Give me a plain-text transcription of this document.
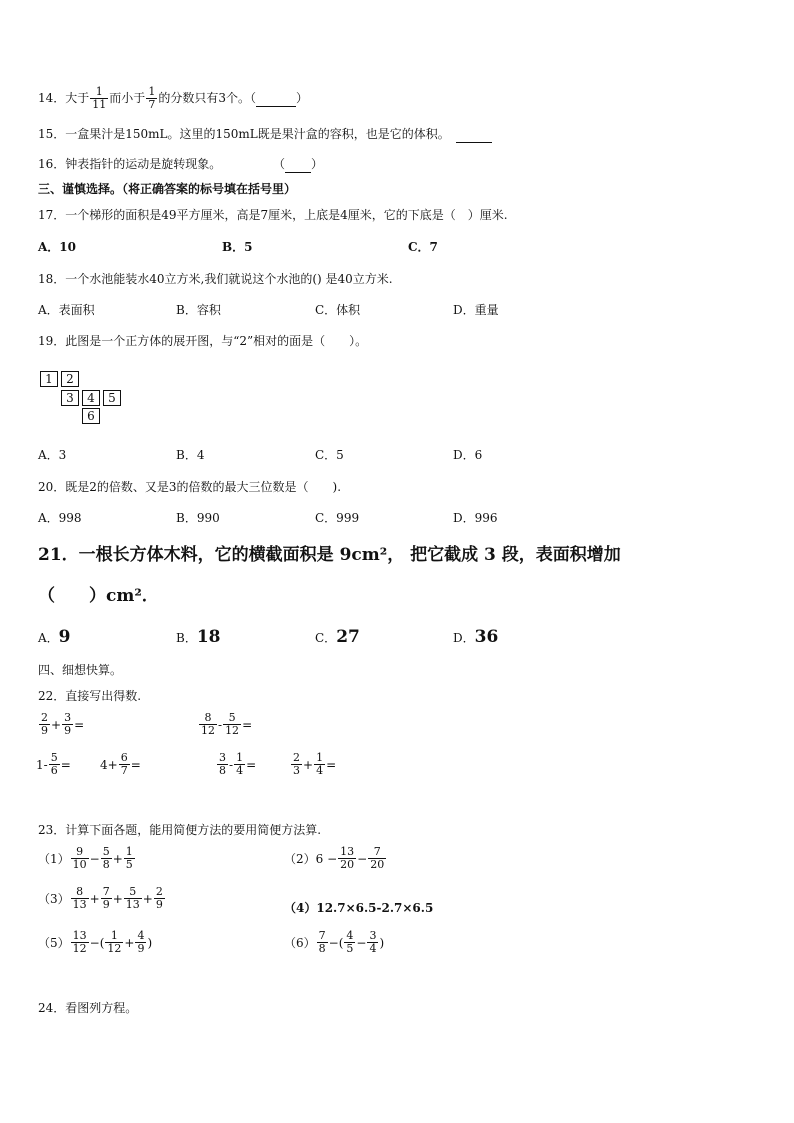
14．大于 $\frac{1}{11}$ 而小于 $\frac{1}{7}$ 的分数只有3个。（	）
15．一盒果汁是150mL。这里的150mL既是果汁盒的容积，也是它的体积。
16．钟表指针的运动是旋转现象。	（ ）
三、谨慎选择。（将正确答案的标号填在括号里）
17．一个梯形的面积是49平方厘米，高是7厘米，上底是4厘米，它的下底是（　）厘米.
A．10	B．5	C．7
18．一个水池能装水40立方米,我们就说这个水池的() 是40立方米.
A．表面积	B．容积	C．体积	D．重量
19．此图是一个正方体的展开图，与“2”相对的面是（　　）。
1	2
3	4	5
6
A．3	B．4	C．5	D．6
20．既是2的倍数、又是3的倍数的最大三位数是（　　).
A．998	B．990	C．999	D．996
21．一根长方体木料，它的横截面积是 9cm²， 把它截成 3 段，表面积增加
（　　）cm²．
A．9	B．18	C．27	D．36
四、细想快算。
22．直接写出得数.
$\frac{2}{9} + \frac{3}{9}$ =	$\frac{8}{12} - \frac{5}{12}$ =
$1- \frac{5}{6} = 4+ \frac{6}{7}$ =	$\frac{3}{8} - \frac{1}{4}$ =	$\frac{2}{3} + \frac{1}{4}$ =
23．计算下面各题，能用简便方法的要用简便方法算.
$(1) \frac{9}{10} - \frac{5}{8} + \frac{1}{5}$	$(2)6 - \frac{13}{20} - \frac{7}{20}$
$(3) \frac{8}{13} + \frac{7}{9} + \frac{5}{13} + \frac{2}{9}$	（4）12.7×6.5-2.7×6.5
$(5) \frac{13}{12}$ −( $\frac{1}{12} + \frac{4}{9}$ )	$(6) \frac{7}{8}$ −( $\frac{4}{5} - \frac{3}{4}$ )
24．看图列方程。
